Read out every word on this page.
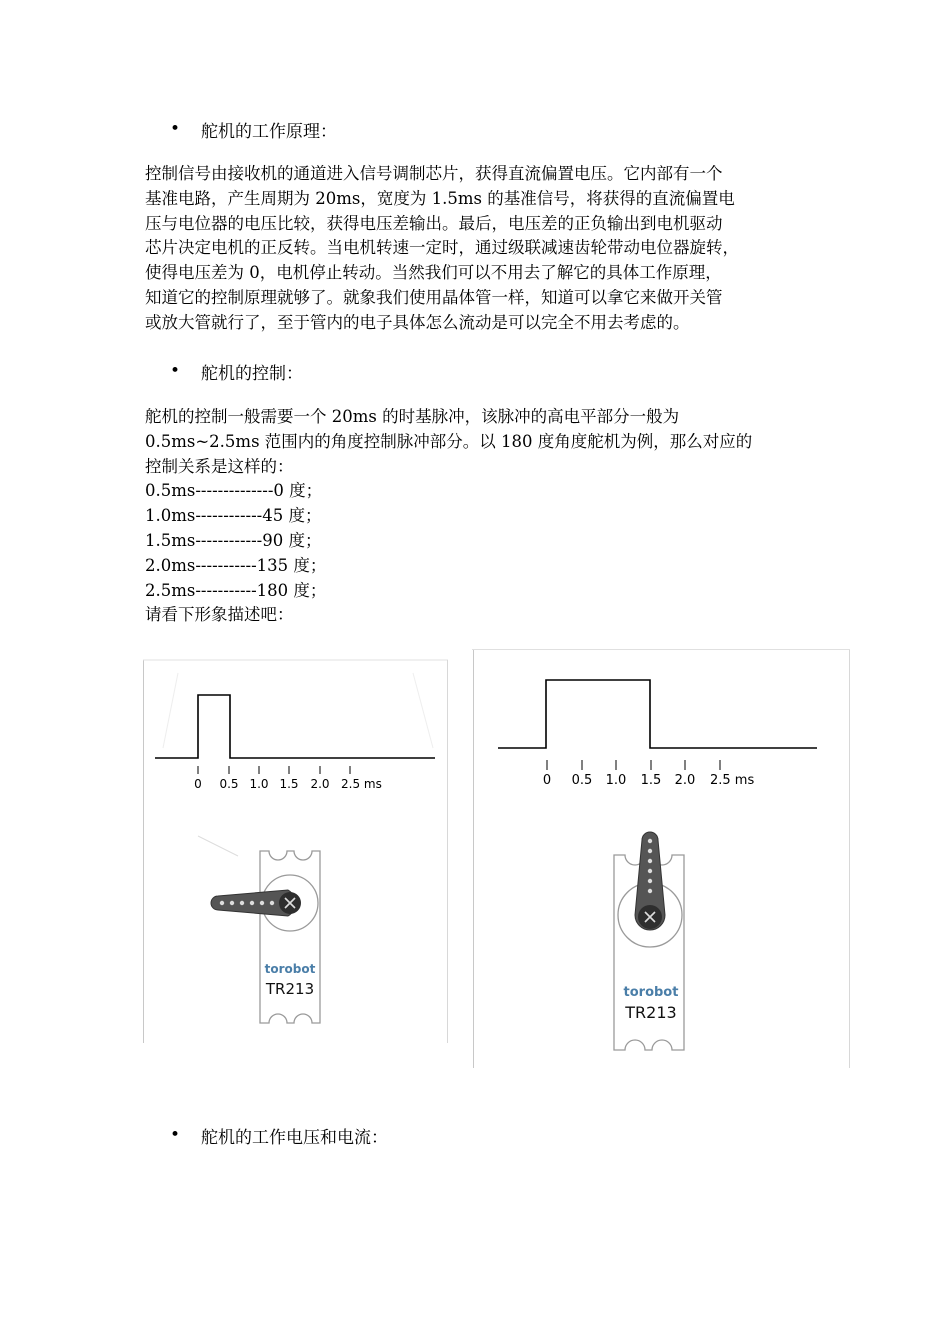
• 舵机的工作原理：
控制信号由接收机的通道进入信号调制芯片，获得直流偏置电压。它内部有一个
基准电路，产生周期为 20ms，宽度为 1.5ms 的基准信号，将获得的直流偏置电
压与电位器的电压比较，获得电压差输出。最后，电压差的正负输出到电机驱动
芯片决定电机的正反转。当电机转速一定时，通过级联减速齿轮带动电位器旋转，
使得电压差为 0，电机停止转动。当然我们可以不用去了解它的具体工作原理，
知道它的控制原理就够了。就象我们使用晶体管一样，知道可以拿它来做开关管
或放大管就行了，至于管内的电子具体怎么流动是可以完全不用去考虑的。
• 舵机的控制：
舵机的控制一般需要一个 20ms 的时基脉冲，该脉冲的高电平部分一般为
0.5ms~2.5ms 范围内的角度控制脉冲部分。以 180 度角度舵机为例，那么对应的
控制关系是这样的：
0.5ms--------------0 度；
1.0ms------------45 度；
1.5ms------------90 度；
2.0ms-----------135 度；
2.5ms-----------180 度；
请看下形象描述吧：
0 0.5 1.0 1.5 2.0 2.5 ms
torobot
TR213
0 0.5 1.0 1.5 2.0 2.5 ms
torobot
TR213
• 舵机的工作电压和电流：
